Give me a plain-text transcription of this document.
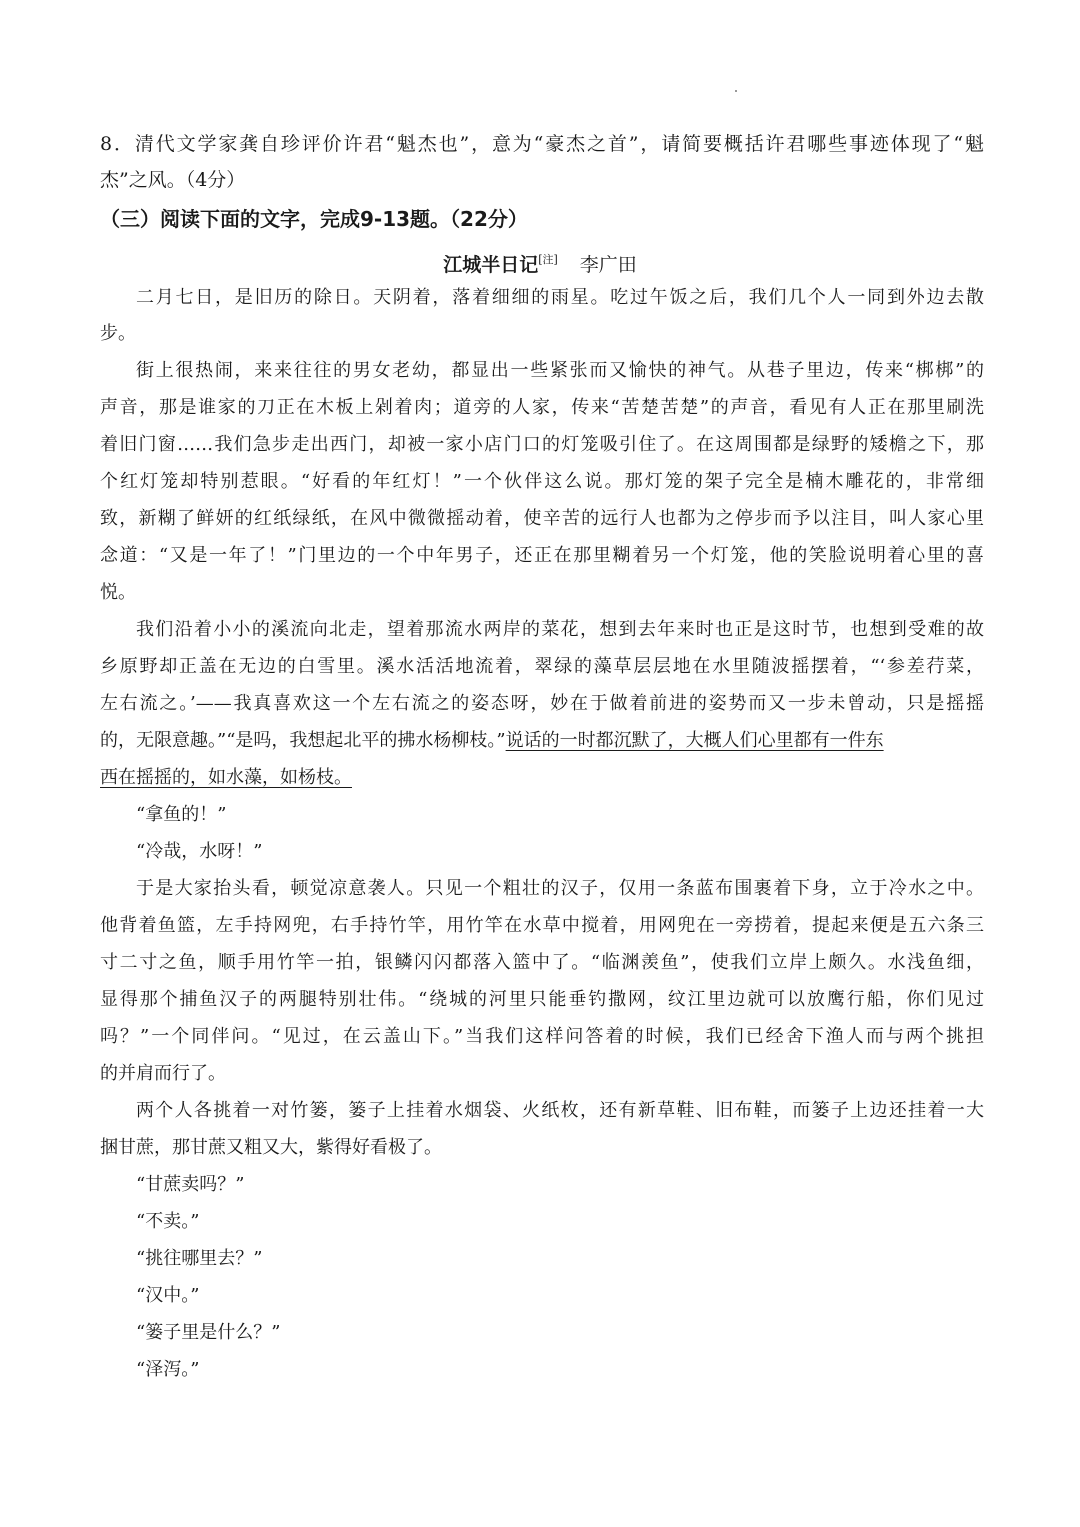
8．清代文学家龚自珍评价许君“魁杰也”，意为“豪杰之首”，请简要概括许君哪些事迹体现了“魁
杰”之风。（4分）
（三）阅读下面的文字，完成9-13题。（22分）
江城半日记[注] 李广田
二月七日，是旧历的除日。天阴着，落着细细的雨星。吃过午饭之后，我们几个人一同到外边去散
步。
街上很热闹，来来往往的男女老幼，都显出一些紧张而又愉快的神气。从巷子里边，传来“梆梆”的
声音，那是谁家的刀正在木板上剁着肉；道旁的人家，传来“苦楚苦楚”的声音，看见有人正在那里刷洗
着旧门窗……我们急步走出西门，却被一家小店门口的灯笼吸引住了。在这周围都是绿野的矮檐之下，那
个红灯笼却特别惹眼。“好看的年红灯！”一个伙伴这么说。那灯笼的架子完全是楠木雕花的，非常细
致，新糊了鲜妍的红纸绿纸，在风中微微摇动着，使辛苦的远行人也都为之停步而予以注目，叫人家心里
念道：“又是一年了！”门里边的一个中年男子，还正在那里糊着另一个灯笼，他的笑脸说明着心里的喜
悦。
我们沿着小小的溪流向北走，望着那流水两岸的菜花，想到去年来时也正是这时节，也想到受难的故
乡原野却正盖在无边的白雪里。溪水活活地流着，翠绿的藻草层层地在水里随波摇摆着，“‘参差荇菜，
左右流之。’——我真喜欢这一个左右流之的姿态呀，妙在于做着前进的姿势而又一步未曾动，只是摇摇
的，无限意趣。”“是吗，我想起北平的拂水杨柳枝。”说话的一时都沉默了，大概人们心里都有一件东
西在摇摇的，如水藻，如杨枝。
“拿鱼的！”
“冷哉，水呀！”
于是大家抬头看，顿觉凉意袭人。只见一个粗壮的汉子，仅用一条蓝布围裹着下身，立于冷水之中。
他背着鱼篮，左手持网兜，右手持竹竿，用竹竿在水草中搅着，用网兜在一旁捞着，提起来便是五六条三
寸二寸之鱼，顺手用竹竿一拍，银鳞闪闪都落入篮中了。“临渊羡鱼”，使我们立岸上颇久。水浅鱼细，
显得那个捕鱼汉子的两腿特别壮伟。“绕城的河里只能垂钓撒网，纹江里边就可以放鹰行船，你们见过
吗？”一个同伴问。“见过，在云盖山下。”当我们这样问答着的时候，我们已经舍下渔人而与两个挑担
的并肩而行了。
两个人各挑着一对竹篓，篓子上挂着水烟袋、火纸枚，还有新草鞋、旧布鞋，而篓子上边还挂着一大
捆甘蔗，那甘蔗又粗又大，紫得好看极了。
“甘蔗卖吗？”
“不卖。”
“挑往哪里去？”
“汉中。”
“篓子里是什么？”
“泽泻。”
